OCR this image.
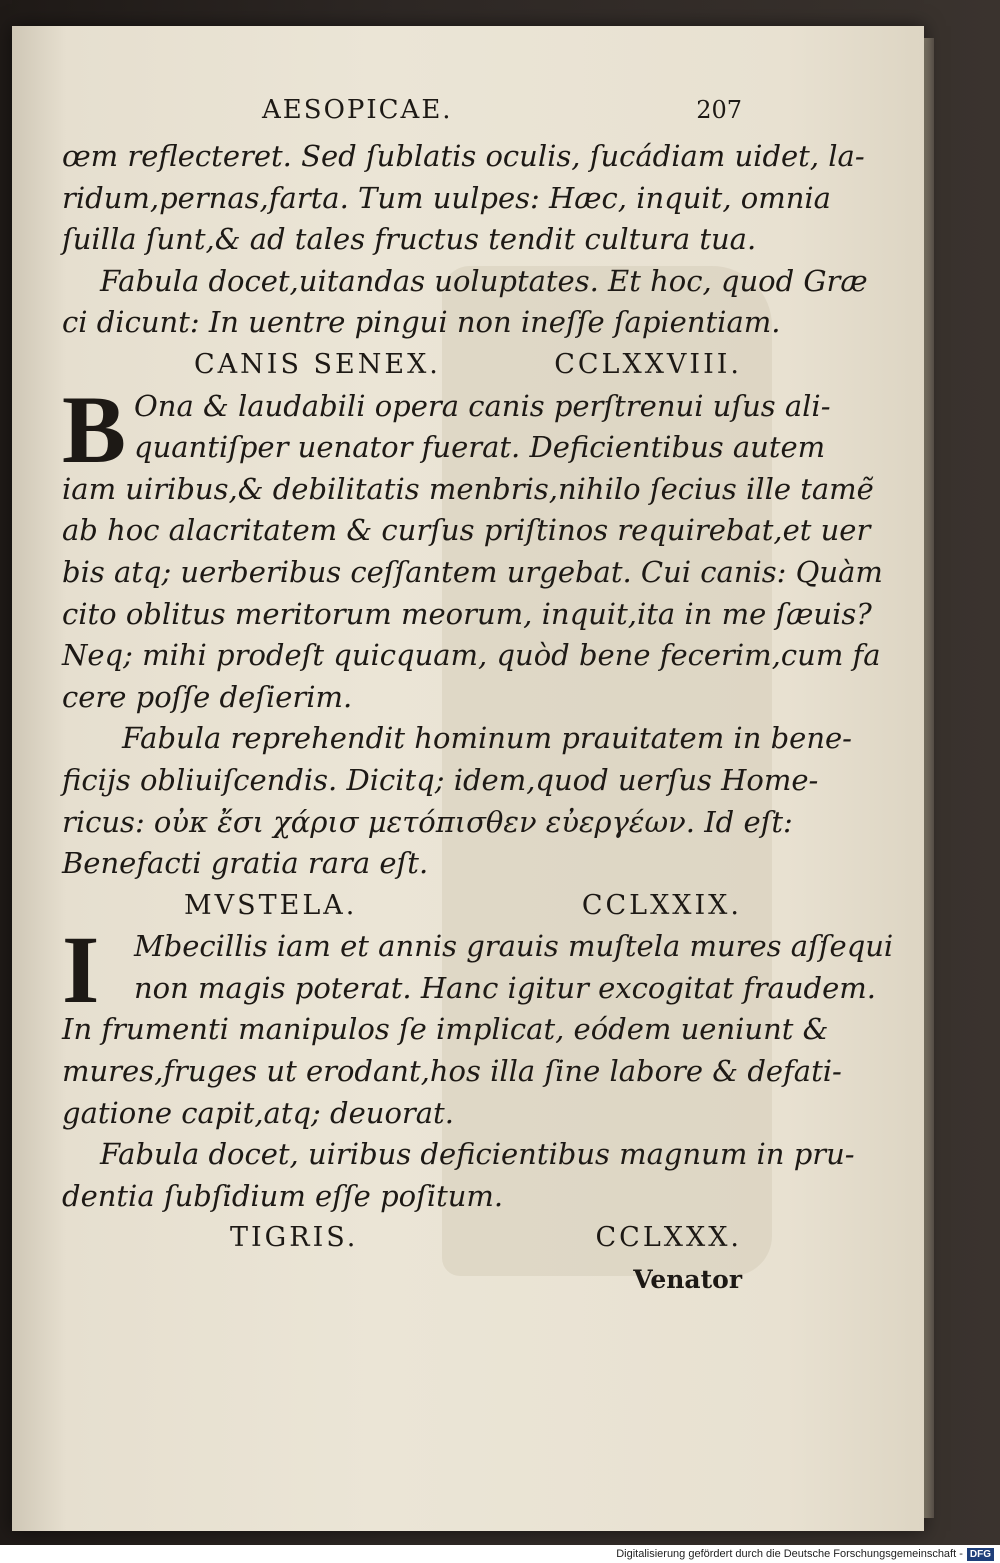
AESOPICAE.	207
œm reflecteret. Sed ſublatis oculis, ſucádiam uidet, la-
ridum,pernas,farta. Tum uulpes: Hæc, inquit, omnia
ſuilla ſunt,& ad tales fructus tendit cultura tua.
Fabula docet,uitandas uoluptates. Et hoc, quod Græ
ci dicunt: In uentre pingui non ineſſe ſapientiam.
CANIS SENEX.	CCLXXVIII.
B Ona & laudabili opera canis perſtrenui uſus ali-
quantiſper uenator fuerat. Deficientibus autem
iam uiribus,& debilitatis menbris,nihilo ſecius ille tamẽ
ab hoc alacritatem & curſus priſtinos requirebat,et uer
bis atq; uerberibus ceſſantem urgebat. Cui canis: Quàm
cito oblitus meritorum meorum, inquit,ita in me ſæuis?
Neq; mihi prodeſt quicquam, quòd bene fecerim,cum fa
cere poſſe deſierim.
Fabula reprehendit hominum prauitatem in bene-
ficijs obliuiſcendis. Dicitq; idem,quod uerſus Home-
ricus: οὐκ ἔσι χάρισ μετόπισθεν εὐεργέων. Id eſt:
Benefacti gratia rara eſt.
MVSTELA.	CCLXXIX.
I	Mbecillis iam et annis grauis muſtela mures aſſequi
non magis poterat. Hanc igitur excogitat fraudem.
In frumenti manipulos ſe implicat, eódem ueniunt &
mures,fruges ut erodant,hos illa ſine labore & defati-
gatione capit,atq; deuorat.
Fabula docet, uiribus deficientibus magnum in pru-
dentia ſubſidium eſſe poſitum.
TIGRIS.	CCLXXX.
Venator
Digitalisierung gefördert durch die Deutsche Forschungsgemeinschaft - DFG
